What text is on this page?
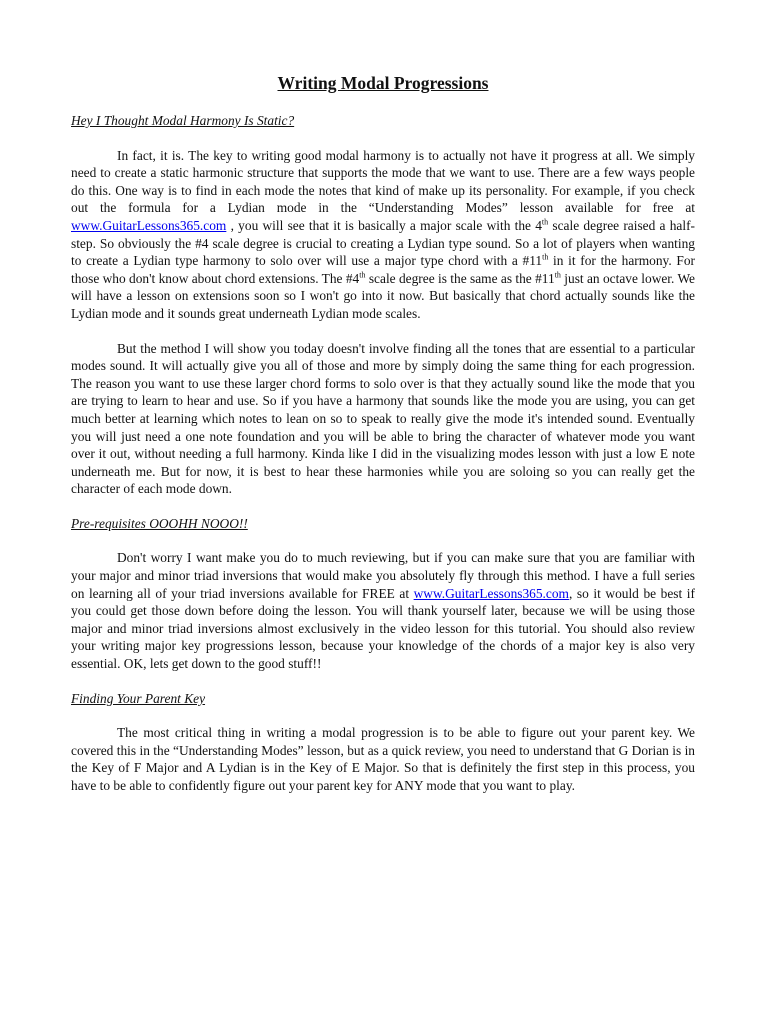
Writing Modal Progressions
Hey I Thought Modal Harmony Is Static?

In fact, it is. The key to writing good modal harmony is to actually not have it progress at all. We simply need to create a static harmonic structure that supports the mode that we want to use. There are a few ways people do this. One way is to find in each mode the notes that kind of make up its personality. For example, if you check out the formula for a Lydian mode in the “Understanding Modes” lesson available for free at www.GuitarLessons365.com , you will see that it is basically a major scale with the 4th scale degree raised a half-step. So obviously the #4 scale degree is crucial to creating a Lydian type sound. So a lot of players when wanting to create a Lydian type harmony to solo over will use a major type chord with a #11th in it for the harmony. For those who don't know about chord extensions. The #4th scale degree is the same as the #11th just an octave lower. We will have a lesson on extensions soon so I won't go into it now. But basically that chord actually sounds like the Lydian mode and it sounds great underneath Lydian mode scales.

But the method I will show you today doesn't involve finding all the tones that are essential to a particular modes sound. It will actually give you all of those and more by simply doing the same thing for each progression. The reason you want to use these larger chord forms to solo over is that they actually sound like the mode that you are trying to learn to hear and use. So if you have a harmony that sounds like the mode you are using, you can get much better at learning which notes to lean on so to speak to really give the mode it's intended sound. Eventually you will just need a one note foundation and you will be able to bring the character of whatever mode you want over it out, without needing a full harmony. Kinda like I did in the visualizing modes lesson with just a low E note underneath me. But for now, it is best to hear these harmonies while you are soloing so you can really get the character of each mode down.

Pre-requisites OOOHH NOOO!!

Don't worry I want make you do to much reviewing, but if you can make sure that you are familiar with your major and minor triad inversions that would make you absolutely fly through this method. I have a full series on learning all of your triad inversions available for FREE at www.GuitarLessons365.com, so it would be best if you could get those down before doing the lesson. You will thank yourself later, because we will be using those major and minor triad inversions almost exclusively in the video lesson for this tutorial. You should also review your writing major key progressions lesson, because your knowledge of the chords of a major key is also very essential. OK, lets get down to the good stuff!!

Finding Your Parent Key

The most critical thing in writing a modal progression is to be able to figure out your parent key. We covered this in the “Understanding Modes” lesson, but as a quick review, you need to understand that G Dorian is in the Key of F Major and A Lydian is in the Key of E Major. So that is definitely the first step in this process, you have to be able to confidently figure out your parent key for ANY mode that you want to play.
